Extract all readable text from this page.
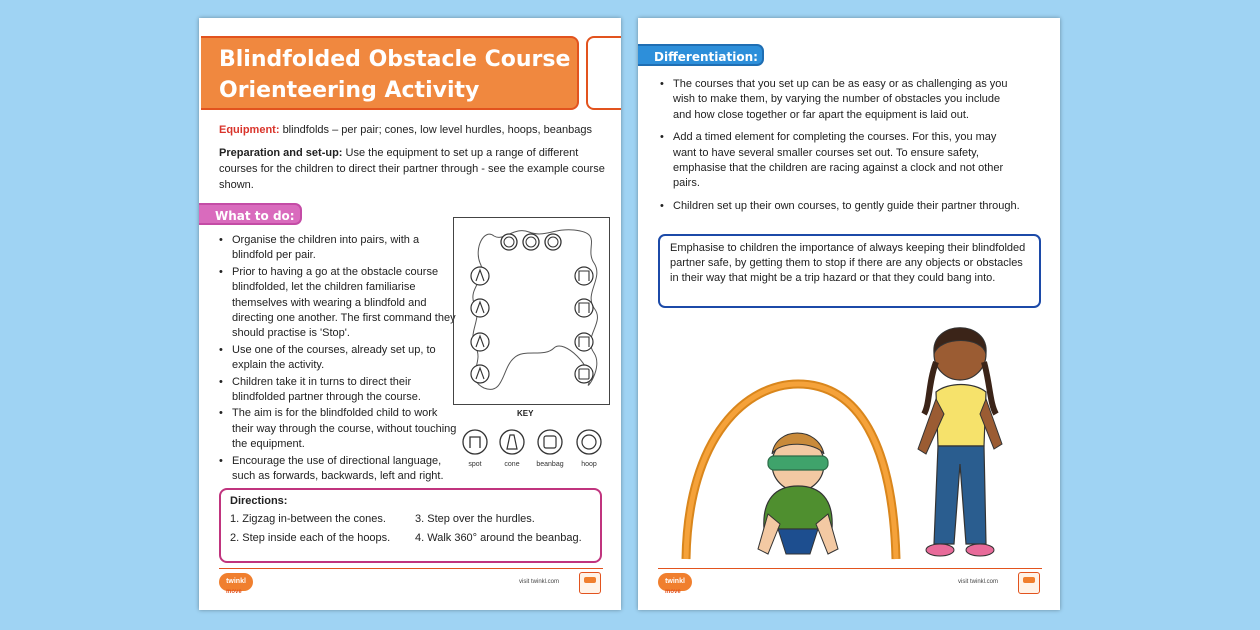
Blindfolded Obstacle Course
Orienteering Activity

Equipment: blindfolds – per pair; cones, low level hurdles, hoops, beanbags

Preparation and set-up: Use the equipment to set up a range of different courses for the children to direct their partner through - see the example course shown.

What to do:
• Organise the children into pairs, with a blindfold per pair.
• Prior to having a go at the obstacle course blindfolded, let the children familiarise themselves with wearing a blindfold and directing one another. The first command they should practise is 'Stop'.
• Use one of the courses, already set up, to explain the activity.
• Children take it in turns to direct their blindfolded partner through the course.
• The aim is for the blindfolded child to work their way through the course, without touching the equipment.
• Encourage the use of directional language, such as forwards, backwards, left and right.
KEY
spot	cone	beanbag	hoop
Directions:
1. Zigzag in-between the cones.	3. Step over the hurdles.
2. Step inside each of the hoops.	4. Walk 360° around the beanbag.
twinkl
move
visit twinkl.com
Differentiation:
• The courses that you set up can be as easy or as challenging as you wish to make them, by varying the number of obstacles you include and how close together or far apart the equipment is laid out.
• Add a timed element for completing the courses. For this, you may want to have several smaller courses set out. To ensure safety, emphasise that the children are racing against a clock and not other pairs.
• Children set up their own courses, to gently guide their partner through.
Emphasise to children the importance of always keeping their blindfolded partner safe, by getting them to stop if there are any objects or obstacles in their way that might be a trip hazard or that they could bang into.
twinkl
move
visit twinkl.com
